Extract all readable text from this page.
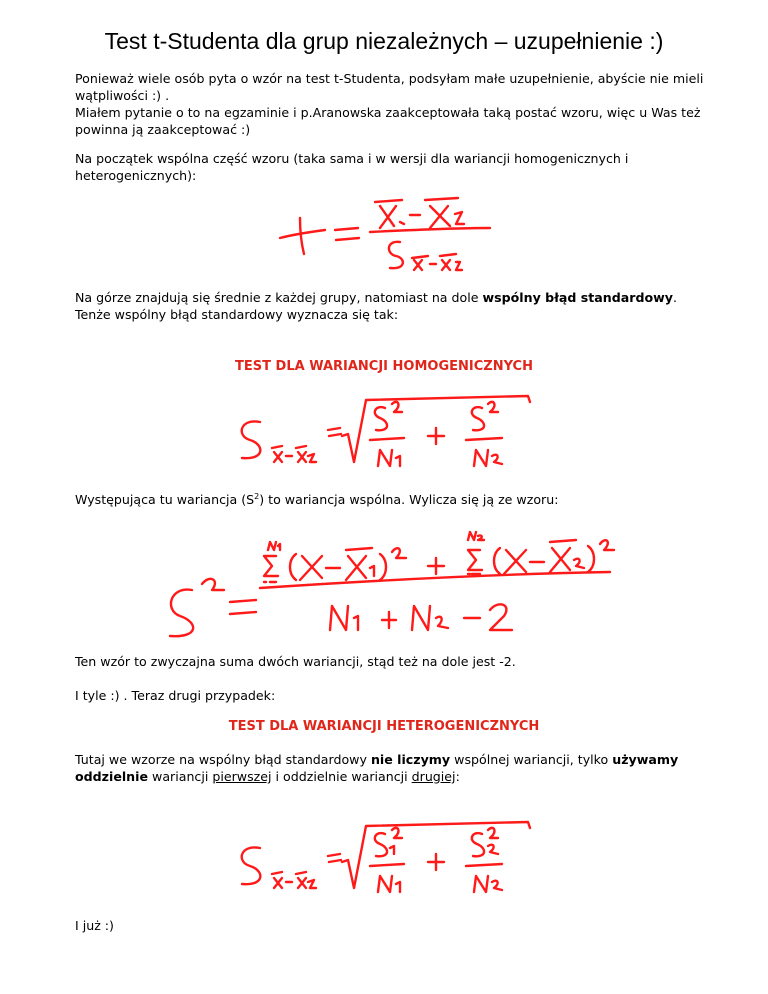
Test t-Studenta dla grup niezależnych – uzupełnienie :)
Ponieważ wiele osób pyta o wzór na test t-Studenta, podsyłam małe uzupełnienie, abyście nie mieli wątpliwości :) .
Miałem pytanie o to na egzaminie i p.Aranowska zaakceptowała taką postać wzoru, więc u Was też powinna ją zaakceptować :)
Na początek wspólna część wzoru (taka sama i w wersji dla wariancji homogenicznych i heterogenicznych):
Na górze znajdują się średnie z każdej grupy, natomiast na dole wspólny błąd standardowy.
Tenże wspólny błąd standardowy wyznacza się tak:
TEST DLA WARIANCJI HOMOGENICZNYCH
Występująca tu wariancja $(S^2)$ to wariancja wspólna. Wylicza się ją ze wzoru:
Ten wzór to zwyczajna suma dwóch wariancji, stąd też na dole jest -2.
I tyle :) . Teraz drugi przypadek:
TEST DLA WARIANCJI HETEROGENICZNYCH
Tutaj we wzorze na wspólny błąd standardowy nie liczymy wspólnej wariancji, tylko używamy oddzielnie wariancji pierwszej i oddzielnie wariancji drugiej:
I już :)
